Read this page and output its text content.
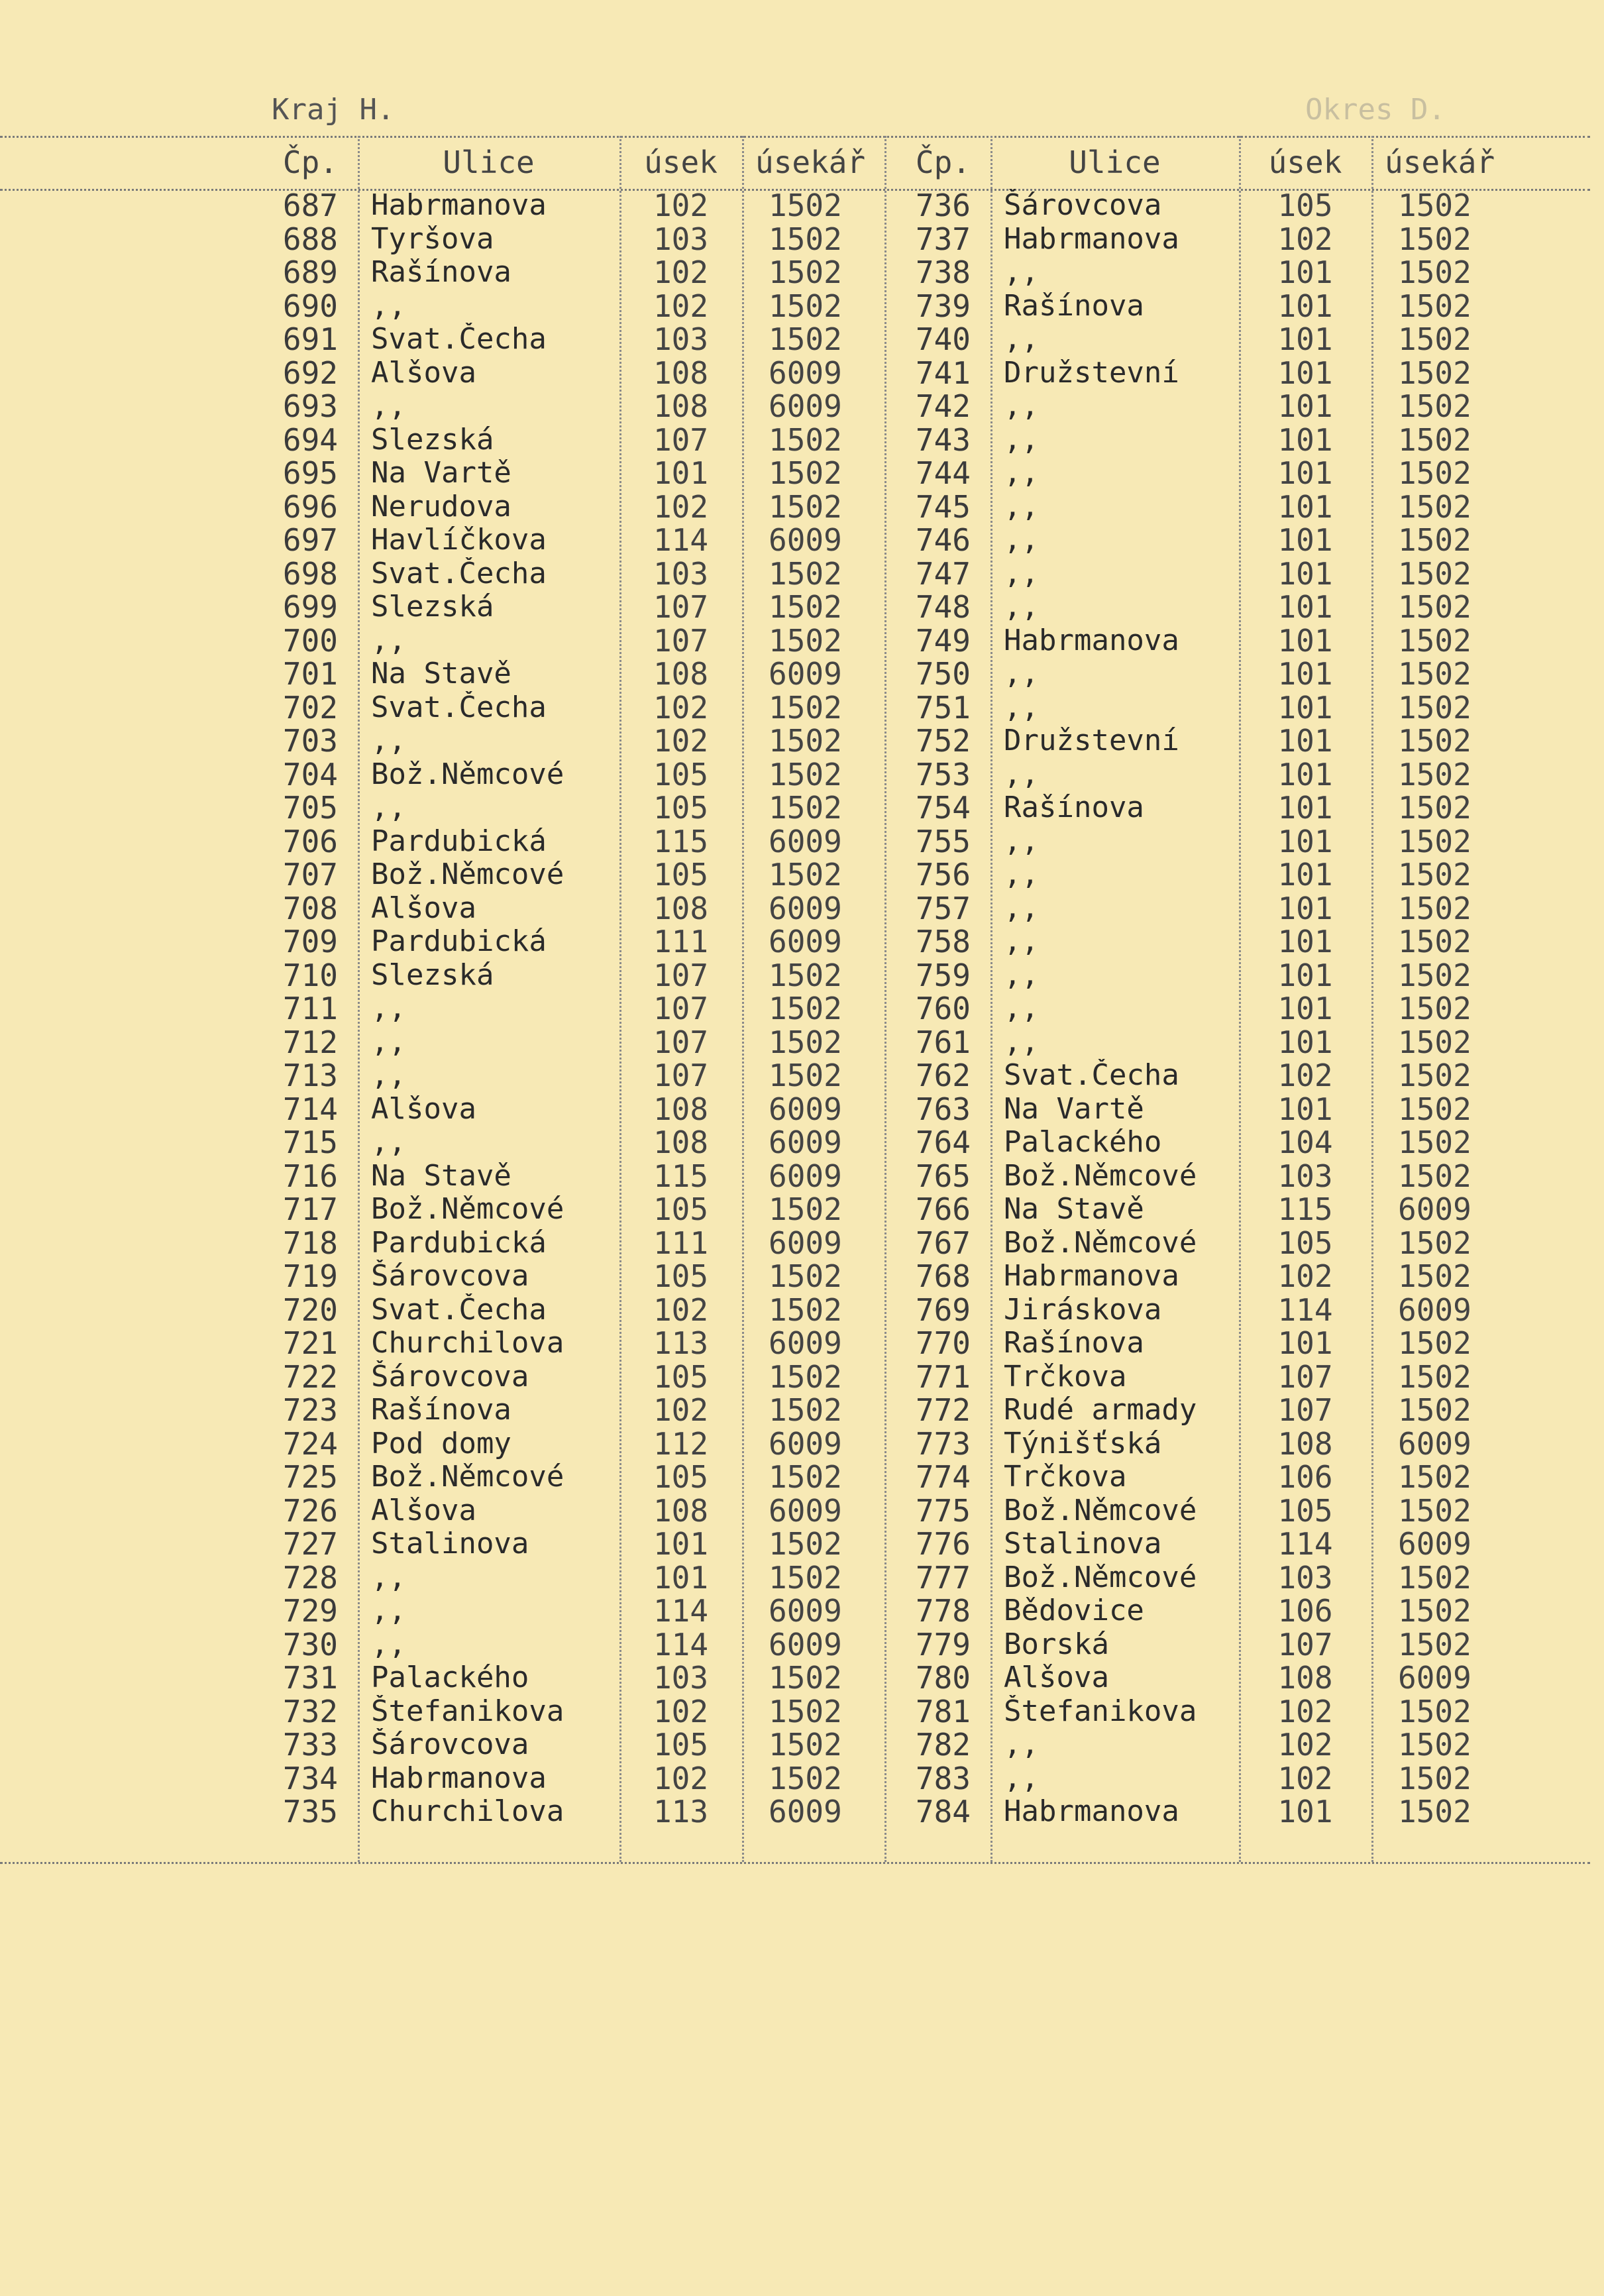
Kraj H.	Okres D.
Čp.	Ulice	úsek	úsekář	Čp.	Ulice	úsek	úsekář
687	Habrmanova	102	1502	736	Šárovcova	105	1502
688	Tyršova	103	1502	737	Habrmanova	102	1502
689	Rašínova	102	1502	738	,,	101	1502
690	,,	102	1502	739	Rašínova	101	1502
691	Svat.Čecha	103	1502	740	,,	101	1502
692	Alšova	108	6009	741	Družstevní	101	1502
693	,,	108	6009	742	,,	101	1502
694	Slezská	107	1502	743	,,	101	1502
695	Na Vartě	101	1502	744	,,	101	1502
696	Nerudova	102	1502	745	,,	101	1502
697	Havlíčkova	114	6009	746	,,	101	1502
698	Svat.Čecha	103	1502	747	,,	101	1502
699	Slezská	107	1502	748	,,	101	1502
700	,,	107	1502	749	Habrmanova	101	1502
701	Na Stavě	108	6009	750	,,	101	1502
702	Svat.Čecha	102	1502	751	,,	101	1502
703	,,	102	1502	752	Družstevní	101	1502
704	Bož.Němcové	105	1502	753	,,	101	1502
705	,,	105	1502	754	Rašínova	101	1502
706	Pardubická	115	6009	755	,,	101	1502
707	Bož.Němcové	105	1502	756	,,	101	1502
708	Alšova	108	6009	757	,,	101	1502
709	Pardubická	111	6009	758	,,	101	1502
710	Slezská	107	1502	759	,,	101	1502
711	,,	107	1502	760	,,	101	1502
712	,,	107	1502	761	,,	101	1502
713	,,	107	1502	762	Svat.Čecha	102	1502
714	Alšova	108	6009	763	Na Vartě	101	1502
715	,,	108	6009	764	Palackého	104	1502
716	Na Stavě	115	6009	765	Bož.Němcové	103	1502
717	Bož.Němcové	105	1502	766	Na Stavě	115	6009
718	Pardubická	111	6009	767	Bož.Němcové	105	1502
719	Šárovcova	105	1502	768	Habrmanova	102	1502
720	Svat.Čecha	102	1502	769	Jiráskova	114	6009
721	Churchilova	113	6009	770	Rašínova	101	1502
722	Šárovcova	105	1502	771	Trčkova	107	1502
723	Rašínova	102	1502	772	Rudé armady	107	1502
724	Pod domy	112	6009	773	Týnišťská	108	6009
725	Bož.Němcové	105	1502	774	Trčkova	106	1502
726	Alšova	108	6009	775	Bož.Němcové	105	1502
727	Stalinova	101	1502	776	Stalinova	114	6009
728	,,	101	1502	777	Bož.Němcové	103	1502
729	,,	114	6009	778	Bědovice	106	1502
730	,,	114	6009	779	Borská	107	1502
731	Palackého	103	1502	780	Alšova	108	6009
732	Štefanikova	102	1502	781	Štefanikova	102	1502
733	Šárovcova	105	1502	782	,,	102	1502
734	Habrmanova	102	1502	783	,,	102	1502
735	Churchilova	113	6009	784	Habrmanova	101	1502
